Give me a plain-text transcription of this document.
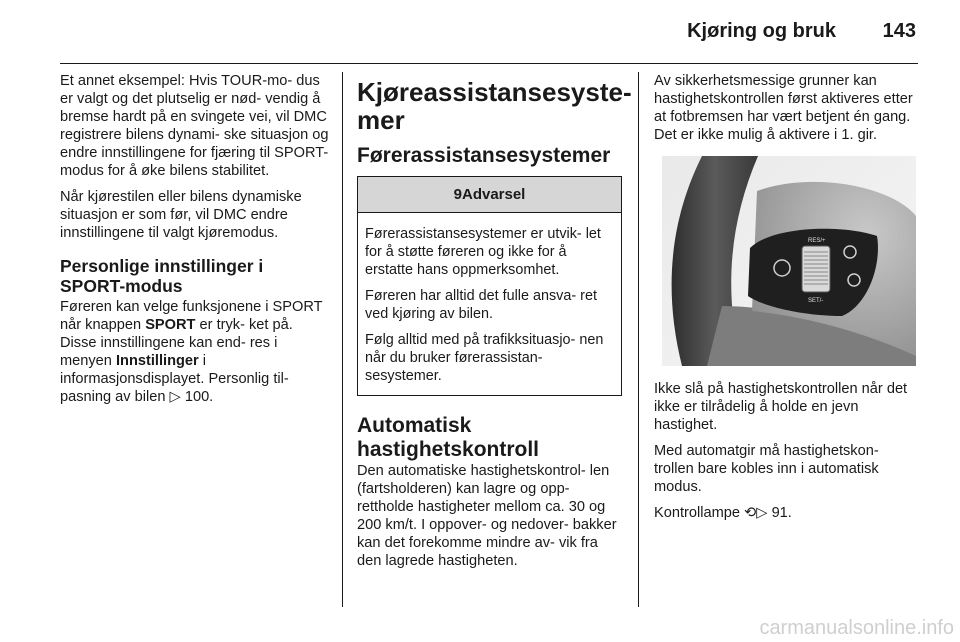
Kjøring og bruk 143

Et annet eksempel: Hvis TOUR-mo- dus er valgt og det plutselig er nød- vendig å bremse hardt på en svingete vei, vil DMC registrere bilens dynami- ske situasjon og endre innstillingene for fjæring til SPORT-modus for å øke bilens stabilitet.

Når kjørestilen eller bilens dynamiske situasjon er som før, vil DMC endre innstillingene til valgt kjøremodus.

Personlige innstillinger i SPORT-modus

Føreren kan velge funksjonene i SPORT når knappen SPORT er tryk- ket på. Disse innstillingene kan end- res i menyen Innstillinger i informasjonsdisplayet. Personlig til- pasning av bilen ▷ 100.

Kjøreassistansesyste- mer
Førerassistansesystemer
9Advarsel

Førerassistansesystemer er utvik- let for å støtte føreren og ikke for å erstatte hans oppmerksomhet.

Føreren har alltid det fulle ansva- ret ved kjøring av bilen.

Følg alltid med på trafikksituasjo- nen når du bruker førerassistan- sesystemer.

Automatisk hastighetskontroll

Den automatiske hastighetskontrol- len (fartsholderen) kan lagre og opp- rettholde hastigheter mellom ca. 30 og 200 km/t. I oppover- og nedover- bakker kan det forekomme mindre av- vik fra den lagrede hastigheten.

Av sikkerhetsmessige grunner kan hastighetskontrollen først aktiveres etter at fotbremsen har vært betjent én gang. Det er ikke mulig å aktivere i 1. gir.

RES/+
SET/-

Ikke slå på hastighetskontrollen når det ikke er tilrådelig å holde en jevn hastighet.

Med automatgir må hastighetskon- trollen bare kobles inn i automatisk modus.

Kontrollampe ⟲▷ 91.

carmanualsonline.info
